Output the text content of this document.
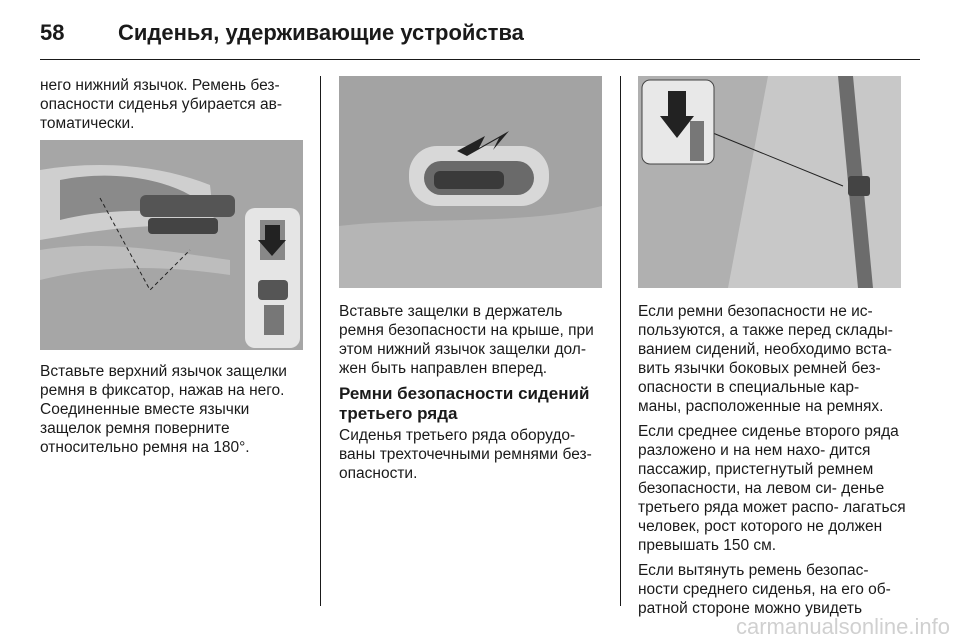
58 Сиденья, удерживающие устройства

него нижний язычок. Ремень без- опасности сиденья убирается ав- томатически.

Вставьте верхний язычок защелки ремня в фиксатор, нажав на него. Соединенные вместе язычки защелок ремня поверните относительно ремня на 180°.

Вставьте защелки в держатель ремня безопасности на крыше, при этом нижний язычок защелки дол- жен быть направлен вперед.

Ремни безопасности сидений третьего ряда

Сиденья третьего ряда оборудо- ваны трехточечными ремнями без- опасности.

Если ремни безопасности не ис- пользуются, а также перед склады- ванием сидений, необходимо вста- вить язычки боковых ремней без- опасности в специальные кар- маны, расположенные на ремнях.

Если среднее сиденье второго ряда разложено и на нем нахо- дится пассажир, пристегнутый ремнем безопасности, на левом си- денье третьего ряда может распо- лагаться человек, рост которого не должен превышать 150 см.

Если вытянуть ремень безопас- ности среднего сиденья, на его об- ратной стороне можно увидеть

carmanualsonline.info
